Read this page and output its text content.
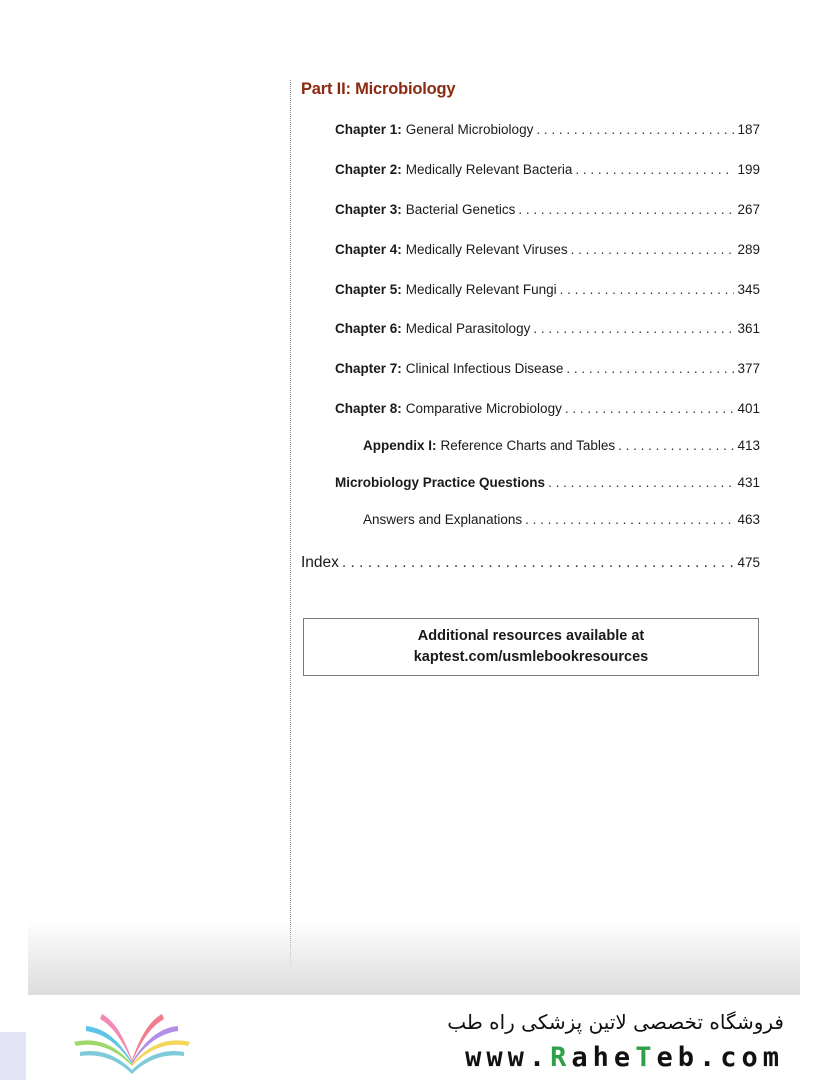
Part II: Microbiology
Chapter 1: General Microbiology . . .	187
Chapter 2: Medically Relevant Bacteria . . .	199
Chapter 3: Bacterial Genetics . . .	267
Chapter 4: Medically Relevant Viruses . . .	289
Chapter 5: Medically Relevant Fungi . . .	345
Chapter 6: Medical Parasitology . . .	361
Chapter 7: Clinical Infectious Disease . . .	377
Chapter 8: Comparative Microbiology . . .	401
Appendix I: Reference Charts and Tables . . .	413
Microbiology Practice Questions . . .	431
Answers and Explanations . . .	463
Index . . .	475
Additional resources available at
kaptest.com/usmlebookresources
فروشگاه تخصصی لاتین پزشکی راه طب
www.RaheTeb.com
